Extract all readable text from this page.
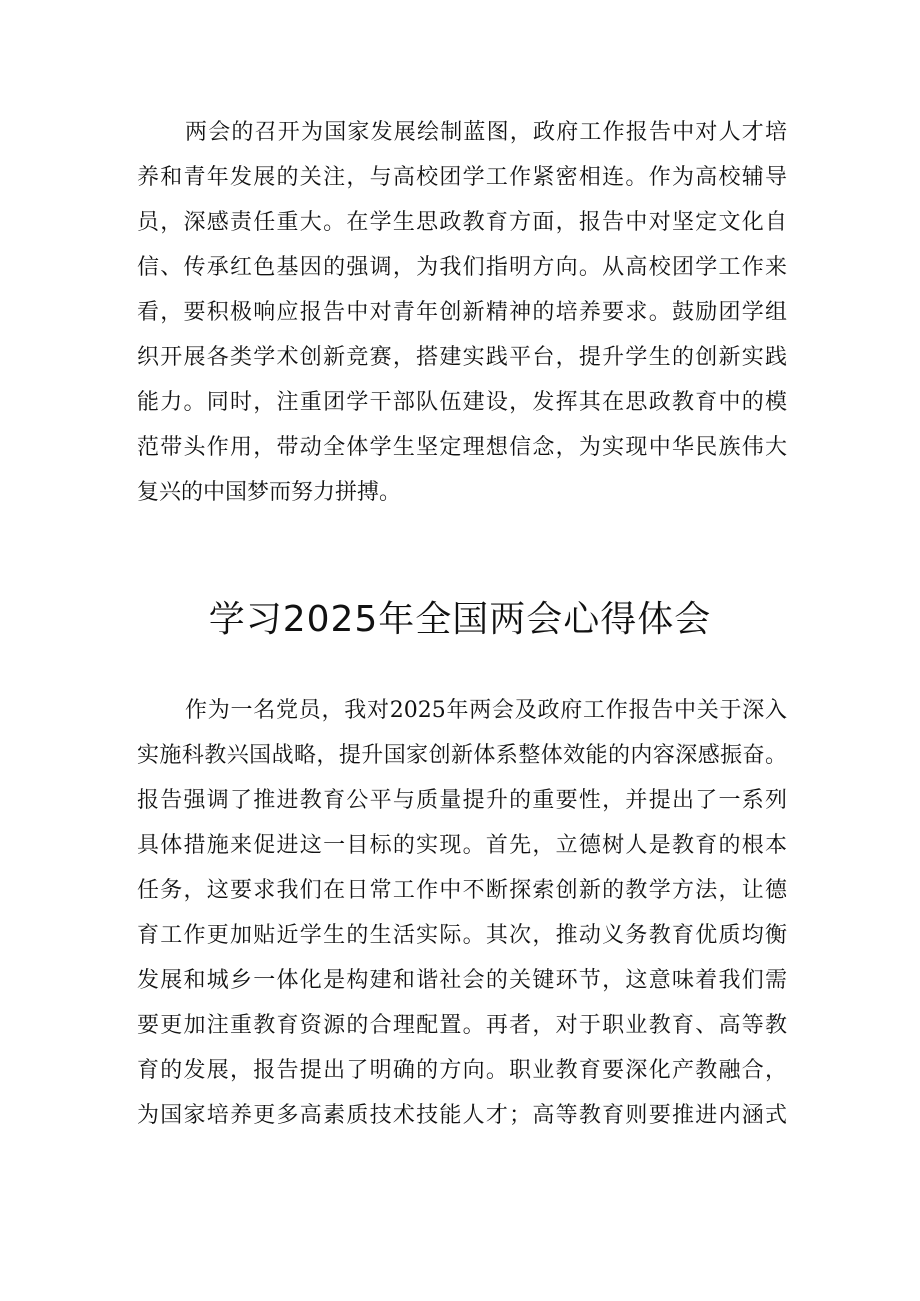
两会的召开为国家发展绘制蓝图，政府工作报告中对人才培
养和青年发展的关注，与高校团学工作紧密相连。作为高校辅导
员，深感责任重大。在学生思政教育方面，报告中对坚定文化自
信、传承红色基因的强调，为我们指明方向。从高校团学工作来
看，要积极响应报告中对青年创新精神的培养要求。鼓励团学组
织开展各类学术创新竞赛，搭建实践平台，提升学生的创新实践
能力。同时，注重团学干部队伍建设，发挥其在思政教育中的模
范带头作用，带动全体学生坚定理想信念，为实现中华民族伟大
复兴的中国梦而努力拼搏。
学习2025年全国两会心得体会
作为一名党员，我对2025年两会及政府工作报告中关于深入
实施科教兴国战略，提升国家创新体系整体效能的内容深感振奋。
报告强调了推进教育公平与质量提升的重要性，并提出了一系列
具体措施来促进这一目标的实现。首先，立德树人是教育的根本
任务，这要求我们在日常工作中不断探索创新的教学方法，让德
育工作更加贴近学生的生活实际。其次，推动义务教育优质均衡
发展和城乡一体化是构建和谐社会的关键环节，这意味着我们需
要更加注重教育资源的合理配置。再者，对于职业教育、高等教
育的发展，报告提出了明确的方向。职业教育要深化产教融合，
为国家培养更多高素质技术技能人才；高等教育则要推进内涵式
